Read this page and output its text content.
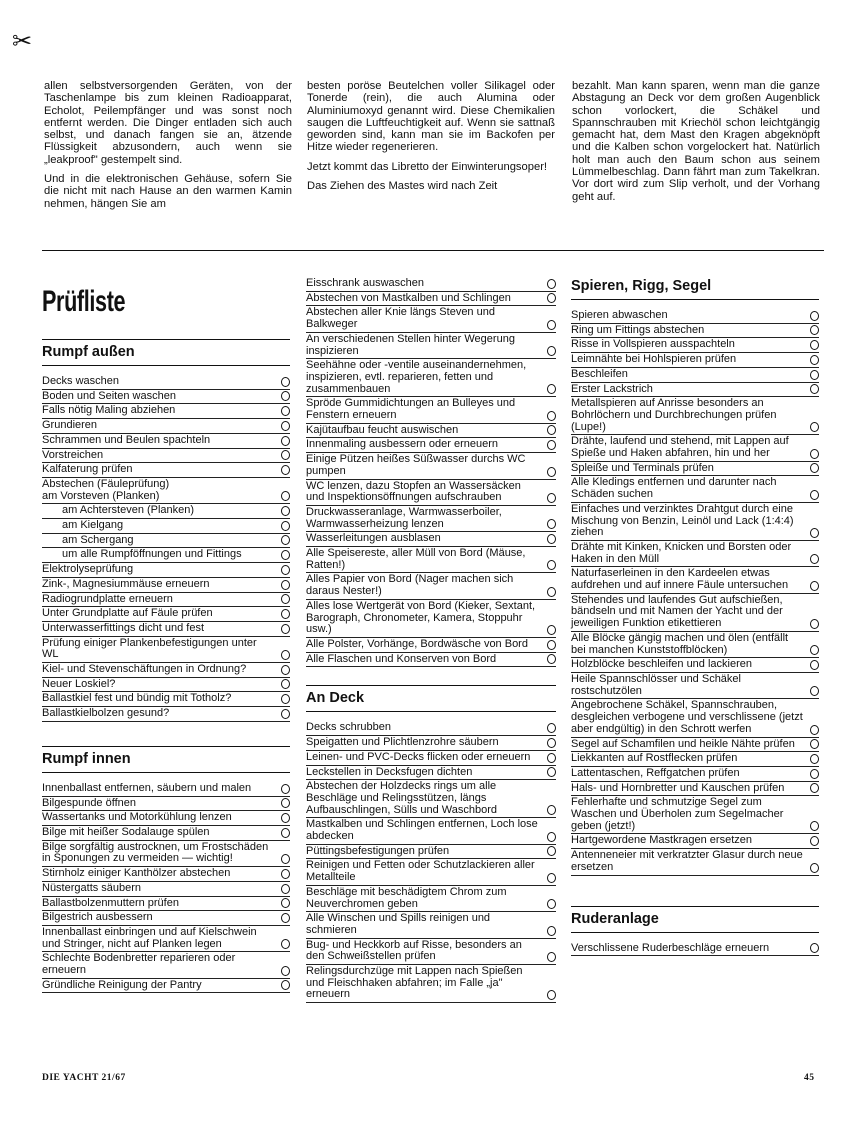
✂

allen selbstversorgenden Geräten, von der Taschenlampe bis zum kleinen Radioapparat, Echolot, Peilempfänger und was sonst noch entfernt werden. Die Dinger entladen sich auch selbst, und danach fangen sie an, ätzende Flüssigkeit abzusondern, auch wenn sie „leakproof" gestempelt sind.

Und in die elektronischen Gehäuse, sofern Sie die nicht mit nach Hause an den warmen Kamin nehmen, hängen Sie am

besten poröse Beutelchen voller Silikagel oder Tonerde (rein), die auch Alumina oder Aluminiumoxyd genannt wird. Diese Chemikalien saugen die Luftfeuchtigkeit auf. Wenn sie sattnaß geworden sind, kann man sie im Backofen per Hitze wieder regenerieren.

Jetzt kommt das Libretto der Einwinterungsoper!

Das Ziehen des Mastes wird nach Zeit

bezahlt. Man kann sparen, wenn man die ganze Abstagung an Deck vor dem großen Augenblick schon vorlockert, die Schäkel und Spannschrauben mit Kriechöl schon leichtgängig gemacht hat, dem Mast den Kragen abgeknöpft und die Kalben schon vorgelockert hat. Natürlich holt man auch den Baum schon aus seinem Lümmelbeschlag. Dann fährt man zum Takelkran. Vor dort wird zum Slip verholt, und der Vorhang geht auf.

Prüfliste
Rumpf außen
Decks waschen
Boden und Seiten waschen
Falls nötig Maling abziehen
Grundieren
Schrammen und Beulen spachteln
Vorstreichen
Kalfaterung prüfen
Abstechen (Fäuleprüfung)
am Vorsteven (Planken)
am Achtersteven (Planken)
am Kielgang
am Schergang
um alle Rumpföffnungen und Fittings
Elektrolyseprüfung
Zink-, Magnesiummäuse erneuern
Radiogrundplatte erneuern
Unter Grundplatte auf Fäule prüfen
Unterwasserfittings dicht und fest
Prüfung einiger Plankenbefestigungen unter WL
Kiel- und Stevenschäftungen in Ordnung?
Neuer Loskiel?
Ballastkiel fest und bündig mit Totholz?
Ballastkielbolzen gesund?
Rumpf innen
Innenballast entfernen, säubern und malen
Bilgespunde öffnen
Wassertanks und Motorkühlung lenzen
Bilge mit heißer Sodalauge spülen
Bilge sorgfältig austrocknen, um Frostschäden in Sponungen zu vermeiden — wichtig!
Stirnholz einiger Kanthölzer abstechen
Nüstergatts säubern
Ballastbolzenmuttern prüfen
Bilgestrich ausbessern
Innenballast einbringen und auf Kielschwein und Stringer, nicht auf Planken legen
Schlechte Bodenbretter reparieren oder erneuern
Gründliche Reinigung der Pantry
Eisschrank auswaschen
Abstechen von Mastkalben und Schlingen
Abstechen aller Knie längs Steven und Balkweger
An verschiedenen Stellen hinter Wegerung inspizieren
Seehähne oder -ventile auseinandernehmen, inspizieren, evtl. reparieren, fetten und zusammenbauen
Spröde Gummidichtungen an Bulleyes und Fenstern erneuern
Kajütaufbau feucht auswischen
Innenmaling ausbessern oder erneuern
Einige Pützen heißes Süßwasser durchs WC pumpen
WC lenzen, dazu Stopfen an Wassersäcken und Inspektionsöffnungen aufschrauben
Druckwasseranlage, Warmwasserboiler, Warmwasserheizung lenzen
Wasserleitungen ausblasen
Alle Speisereste, aller Müll von Bord (Mäuse, Ratten!)
Alles Papier von Bord (Nager machen sich daraus Nester!)
Alles lose Wertgerät von Bord (Kieker, Sextant, Barograph, Chronometer, Kamera, Stoppuhr usw.)
Alle Polster, Vorhänge, Bordwäsche von Bord
Alle Flaschen und Konserven von Bord
An Deck
Decks schrubben
Speigatten und Plichtlenzrohre säubern
Leinen- und PVC-Decks flicken oder erneuern
Leckstellen in Decksfugen dichten
Abstechen der Holzdecks rings um alle Beschläge und Relingsstützen, längs Aufbauschlingen, Sülls und Waschbord
Mastkalben und Schlingen entfernen, Loch lose abdecken
Püttingsbefestigungen prüfen
Reinigen und Fetten oder Schutzlackieren aller Metallteile
Beschläge mit beschädigtem Chrom zum Neuverchromen geben
Alle Winschen und Spills reinigen und schmieren
Bug- und Heckkorb auf Risse, besonders an den Schweißstellen prüfen
Relingsdurchzüge mit Lappen nach Spießen und Fleischhaken abfahren; im Falle „ja" erneuern
Spieren, Rigg, Segel
Spieren abwaschen
Ring um Fittings abstechen
Risse in Vollspieren ausspachteln
Leimnähte bei Hohlspieren prüfen
Beschleifen
Erster Lackstrich
Metallspieren auf Anrisse besonders an Bohrlöchern und Durchbrechungen prüfen (Lupe!)
Drähte, laufend und stehend, mit Lappen auf Spieße und Haken abfahren, hin und her
Spleiße und Terminals prüfen
Alle Kledings entfernen und darunter nach Schäden suchen
Einfaches und verzinktes Drahtgut durch eine Mischung von Benzin, Leinöl und Lack (1:4:4) ziehen
Drähte mit Kinken, Knicken und Borsten oder Haken in den Müll
Naturfaserleinen in den Kardeelen etwas aufdrehen und auf innere Fäule untersuchen
Stehendes und laufendes Gut aufschießen, bändseln und mit Namen der Yacht und der jeweiligen Funktion etikettieren
Alle Blöcke gängig machen und ölen (entfällt bei manchen Kunststoffblöcken)
Holzblöcke beschleifen und lackieren
Heile Spannschlösser und Schäkel rostschutzölen
Angebrochene Schäkel, Spannschrauben, desgleichen verbogene und verschlissene (jetzt aber endgültig) in den Schrott werfen
Segel auf Schamfilen und heikle Nähte prüfen
Liekkanten auf Rostflecken prüfen
Lattentaschen, Reffgatchen prüfen
Hals- und Hornbretter und Kauschen prüfen
Fehlerhafte und schmutzige Segel zum Waschen und Überholen zum Segelmacher geben (jetzt!)
Hartgewordene Mastkragen ersetzen
Antenneneier mit verkratzter Glasur durch neue ersetzen
Ruderanlage
Verschlissene Ruderbeschläge erneuern
DIE YACHT 21/67	45
